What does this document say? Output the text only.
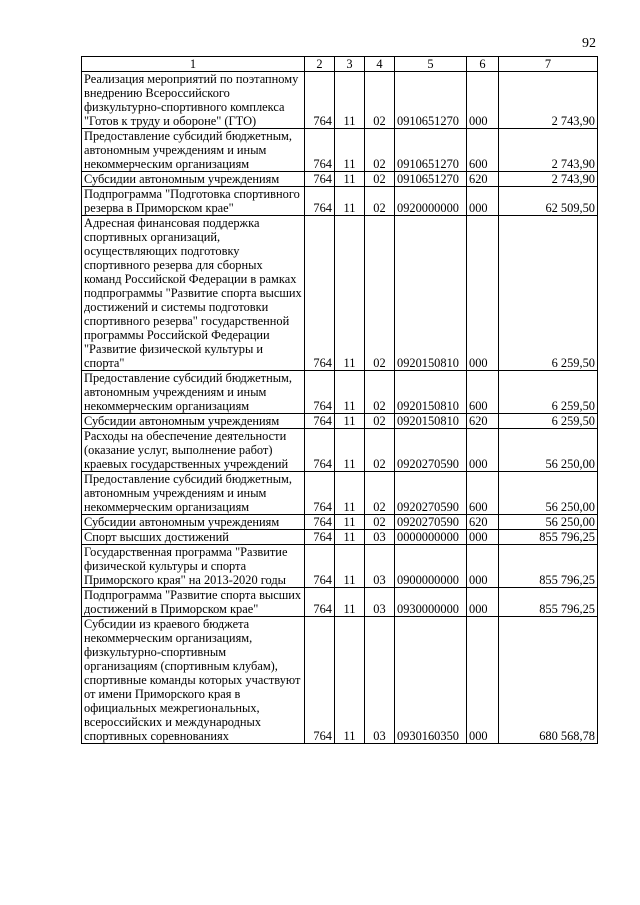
92
1	2	3	4	5	6	7
Реализация мероприятий по поэтапному внедрению Всероссийского физкультурно-спортивного комплекса "Готов к труду и обороне" (ГТО)	764	11	02	0910651270	000	2 743,90
Предоставление субсидий бюджетным, автономным учреждениям и иным некоммерческим организациям	764	11	02	0910651270	600	2 743,90
Субсидии автономным учреждениям	764	11	02	0910651270	620	2 743,90
Подпрограмма "Подготовка спортивного резерва в Приморском крае"	764	11	02	0920000000	000	62 509,50
Адресная финансовая поддержка спортивных организаций, осуществляющих подготовку спортивного резерва для сборных команд Российской Федерации в рамках подпрограммы "Развитие спорта высших достижений и системы подготовки спортивного резерва" государственной программы Российской Федерации "Развитие физической культуры и спорта"	764	11	02	0920150810	000	6 259,50
Предоставление субсидий бюджетным, автономным учреждениям и иным некоммерческим организациям	764	11	02	0920150810	600	6 259,50
Субсидии автономным учреждениям	764	11	02	0920150810	620	6 259,50
Расходы на обеспечение деятельности (оказание услуг, выполнение работ) краевых государственных учреждений	764	11	02	0920270590	000	56 250,00
Предоставление субсидий бюджетным, автономным учреждениям и иным некоммерческим организациям	764	11	02	0920270590	600	56 250,00
Субсидии автономным учреждениям	764	11	02	0920270590	620	56 250,00
Спорт высших достижений	764	11	03	0000000000	000	855 796,25
Государственная программа "Развитие физической культуры и спорта Приморского края" на 2013-2020 годы	764	11	03	0900000000	000	855 796,25
Подпрограмма "Развитие спорта высших достижений в Приморском крае"	764	11	03	0930000000	000	855 796,25
Субсидии из краевого бюджета некоммерческим организациям, физкультурно-спортивным организациям (спортивным клубам), спортивные команды которых участвуют от имени Приморского края в официальных межрегиональных, всероссийских и международных спортивных соревнованиях	764	11	03	0930160350	000	680 568,78
